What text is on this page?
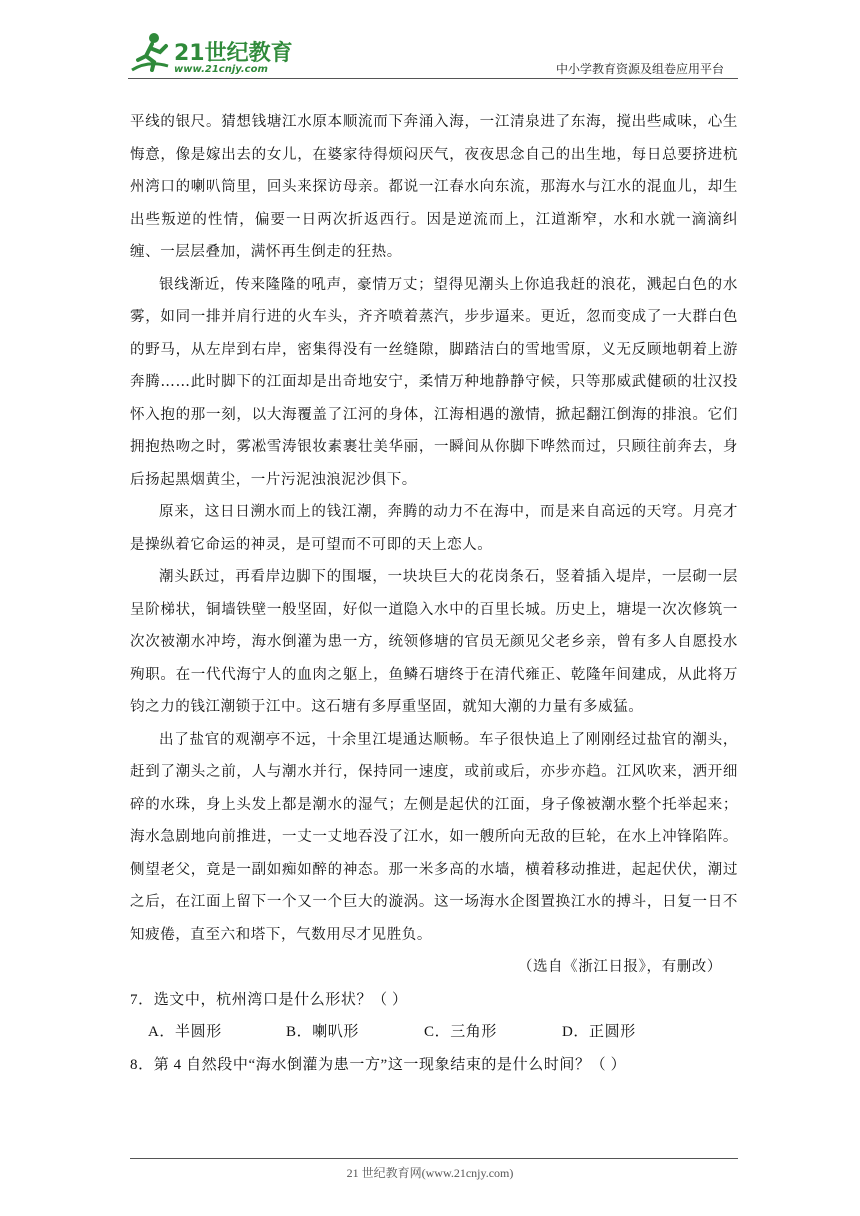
21世纪教育
www.21cnjy.com	中小学教育资源及组卷应用平台

平线的银尺。猜想钱塘江水原本顺流而下奔涌入海，一江清泉进了东海，搅出些咸味，心生悔意，像是嫁出去的女儿，在婆家待得烦闷厌气，夜夜思念自己的出生地，每日总要挤进杭州湾口的喇叭筒里，回头来探访母亲。都说一江春水向东流，那海水与江水的混血儿，却生出些叛逆的性情，偏要一日两次折返西行。因是逆流而上，江道渐窄，水和水就一滴滴纠缠、一层层叠加，满怀再生倒走的狂热。

银线渐近，传来隆隆的吼声，豪情万丈；望得见潮头上你追我赶的浪花，溅起白色的水雾，如同一排并肩行进的火车头，齐齐喷着蒸汽，步步逼来。更近，忽而变成了一大群白色的野马，从左岸到右岸，密集得没有一丝缝隙，脚踏洁白的雪地雪原，义无反顾地朝着上游奔腾……此时脚下的江面却是出奇地安宁，柔情万种地静静守候，只等那威武健硕的壮汉投怀入抱的那一刻，以大海覆盖了江河的身体，江海相遇的激情，掀起翻江倒海的排浪。它们拥抱热吻之时，雾凇雪涛银妆素裹壮美华丽，一瞬间从你脚下哗然而过，只顾往前奔去，身后扬起黑烟黄尘，一片污泥浊浪泥沙俱下。

原来，这日日溯水而上的钱江潮，奔腾的动力不在海中，而是来自高远的天穹。月亮才是操纵着它命运的神灵，是可望而不可即的天上恋人。

潮头跃过，再看岸边脚下的围堰，一块块巨大的花岗条石，竖着插入堤岸，一层砌一层呈阶梯状，铜墙铁壁一般坚固，好似一道隐入水中的百里长城。历史上，塘堤一次次修筑一次次被潮水冲垮，海水倒灌为患一方，统领修塘的官员无颜见父老乡亲，曾有多人自愿投水殉职。在一代代海宁人的血肉之躯上，鱼鳞石塘终于在清代雍正、乾隆年间建成，从此将万钧之力的钱江潮锁于江中。这石塘有多厚重坚固，就知大潮的力量有多威猛。

出了盐官的观潮亭不远，十余里江堤通达顺畅。车子很快追上了刚刚经过盐官的潮头，赶到了潮头之前，人与潮水并行，保持同一速度，或前或后，亦步亦趋。江风吹来，洒开细碎的水珠，身上头发上都是潮水的湿气；左侧是起伏的江面，身子像被潮水整个托举起来；海水急剧地向前推进，一丈一丈地吞没了江水，如一艘所向无敌的巨轮，在水上冲锋陷阵。侧望老父，竟是一副如痴如醉的神态。那一米多高的水墙，横着移动推进，起起伏伏，潮过之后，在江面上留下一个又一个巨大的漩涡。这一场海水企图置换江水的搏斗，日复一日不知疲倦，直至六和塔下，气数用尽才见胜负。

（选自《浙江日报》，有删改）

7．选文中，杭州湾口是什么形状？（ ）

A．半圆形	B．喇叭形	C．三角形	D．正圆形

8．第 4 自然段中“海水倒灌为患一方”这一现象结束的是什么时间？（ ）

21 世纪教育网(www.21cnjy.com)
